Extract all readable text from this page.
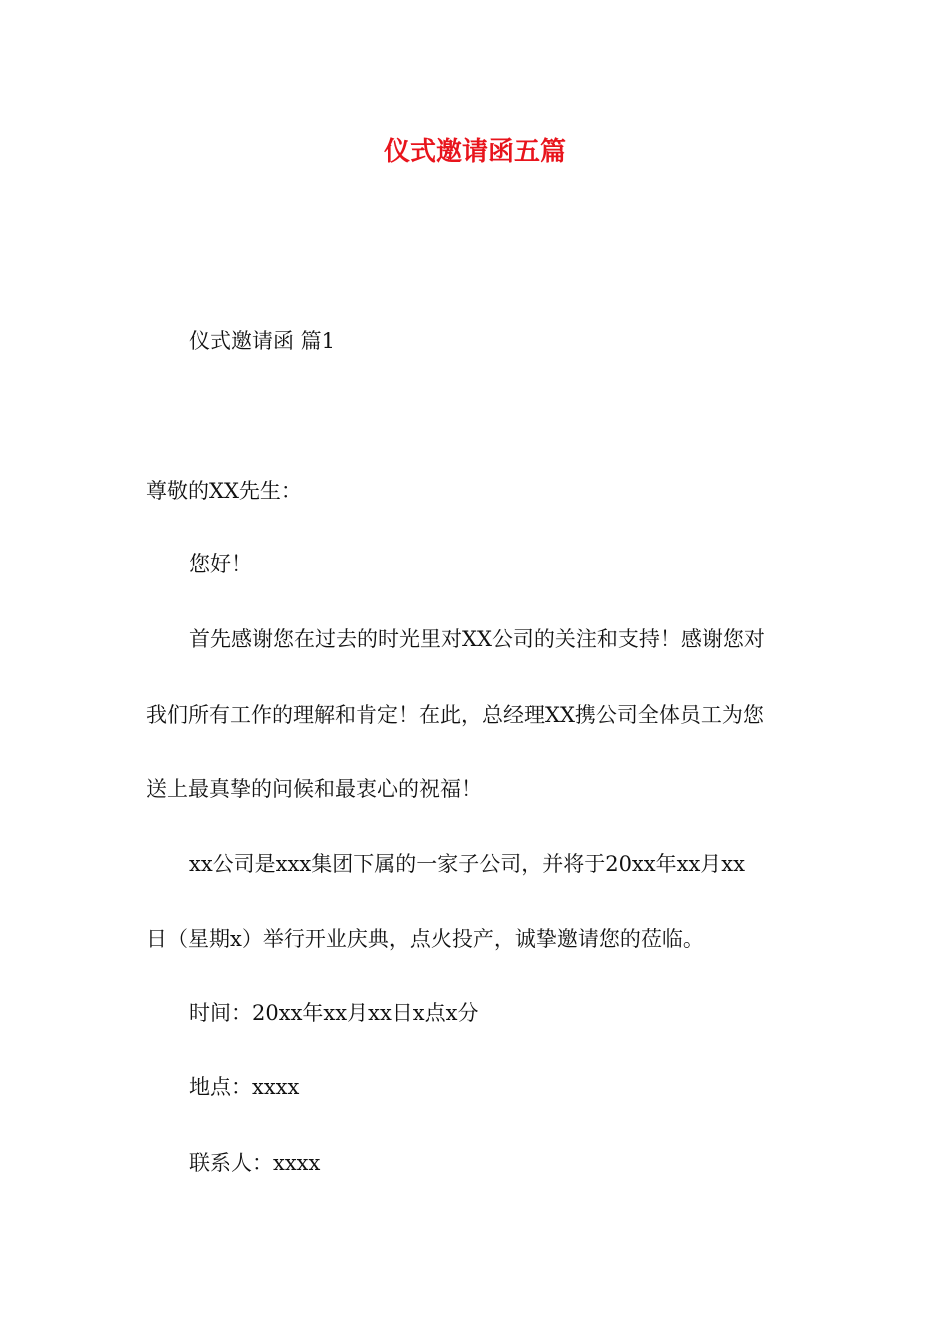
仪式邀请函五篇
仪式邀请函 篇1
尊敬的XX先生：
您好！
首先感谢您在过去的时光里对XX公司的关注和支持！感谢您对
我们所有工作的理解和肯定！在此，总经理XX携公司全体员工为您
送上最真挚的问候和最衷心的祝福！
xx公司是xxx集团下属的一家子公司，并将于20xx年xx月xx
日（星期x）举行开业庆典，点火投产，诚挚邀请您的莅临。
时间：20xx年xx月xx日x点x分
地点：xxxx
联系人：xxxx
